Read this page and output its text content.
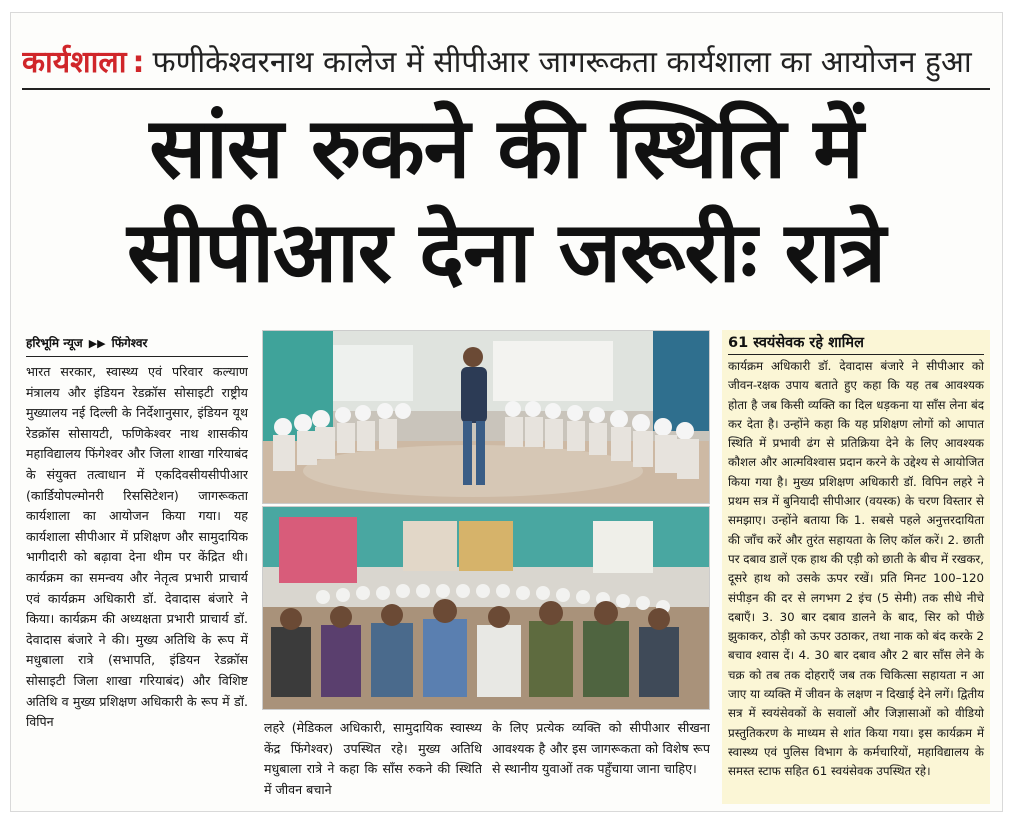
कार्यशाला : फणीकेश्वरनाथ कालेज में सीपीआर जागरूकता कार्यशाला का आयोजन हुआ
सांस रुकने की स्थिति में
सीपीआर देना जरूरीः रात्रे
हरिभूमि न्यूज ▶▶ फिंगेश्वर
भारत सरकार, स्वास्थ्य एवं परिवार कल्याण मंत्रालय और इंडियन रेडक्रॉस सोसाइटी राष्ट्रीय मुख्यालय नई दिल्ली के निर्देशानुसार, इंडियन यूथ रेडक्रॉस सोसायटी, फणिकेश्वर नाथ शासकीय महाविद्यालय फिंगेश्वर और जिला शाखा गरियाबंद के संयुक्त तत्वाधान में एकदिवसीयसीपीआर (कार्डियोपल्मोनरी रिससिटेशन) जागरूकता कार्यशाला का आयोजन किया गया। यह कार्यशाला सीपीआर में प्रशिक्षण और सामुदायिक भागीदारी को बढ़ावा देना थीम पर केंद्रित थी। कार्यक्रम का समन्वय और नेतृत्व प्रभारी प्राचार्य एवं कार्यक्रम अधिकारी डॉ. देवादास बंजारे ने किया। कार्यक्रम की अध्यक्षता प्रभारी प्राचार्य डॉ. देवादास बंजारे ने की। मुख्य अतिथि के रूप में मधुबाला रात्रे (सभापति, इंडियन रेडक्रॉस सोसाइटी जिला शाखा गरियाबंद) और विशिष्ट अतिथि व मुख्य प्रशिक्षण अधिकारी के रूप में डॉ. विपिन	लहरे (मेडिकल अधिकारी, सामुदायिक स्वास्थ्य केंद्र फिंगेश्वर) उपस्थित रहे। मुख्य अतिथि मधुबाला रात्रे ने कहा कि साँस रुकने की स्थिति में जीवन बचाने
के लिए प्रत्येक व्यक्ति को सीपीआर सीखना आवश्यक है और इस जागरूकता को विशेष रूप से स्थानीय युवाओं तक पहुँचाया जाना चाहिए।
61 स्वयंसेवक रहे शामिल
कार्यक्रम अधिकारी डॉ. देवादास बंजारे ने सीपीआर को जीवन-रक्षक उपाय बताते हुए कहा कि यह तब आवश्यक होता है जब किसी व्यक्ति का दिल धड़कना या साँस लेना बंद कर देता है। उन्होंने कहा कि यह प्रशिक्षण लोगों को आपात स्थिति में प्रभावी ढंग से प्रतिक्रिया देने के लिए आवश्यक कौशल और आत्मविश्वास प्रदान करने के उद्देश्य से आयोजित किया गया है। मुख्य प्रशिक्षण अधिकारी डॉ. विपिन लहरे ने प्रथम सत्र में बुनियादी सीपीआर (वयस्क) के चरण विस्तार से समझाए। उन्होंने बताया कि 1. सबसे पहले अनुत्तरदायिता की जाँच करें और तुरंत सहायता के लिए कॉल करें। 2. छाती पर दबाव डालें एक हाथ की एड़ी को छाती के बीच में रखकर, दूसरे हाथ को उसके ऊपर रखें। प्रति मिनट 100–120 संपीड़न की दर से लगभग 2 इंच (5 सेमी) तक सीधे नीचे दबाएँ। 3. 30 बार दबाव डालने के बाद, सिर को पीछे झुकाकर, ठोड़ी को ऊपर उठाकर, तथा नाक को बंद करके 2 बचाव श्वास दें। 4. 30 बार दबाव और 2 बार साँस लेने के चक्र को तब तक दोहराएँ जब तक चिकित्सा सहायता न आ जाए या व्यक्ति में जीवन के लक्षण न दिखाई देने लगें। द्वितीय सत्र में स्वयंसेवकों के सवालों और जिज्ञासाओं को वीडियो प्रस्तुतिकरण के माध्यम से शांत किया गया। इस कार्यक्रम में स्वास्थ्य एवं पुलिस विभाग के कर्मचारियों, महाविद्यालय के समस्त स्टाफ सहित 61 स्वयंसेवक उपस्थित रहे।
